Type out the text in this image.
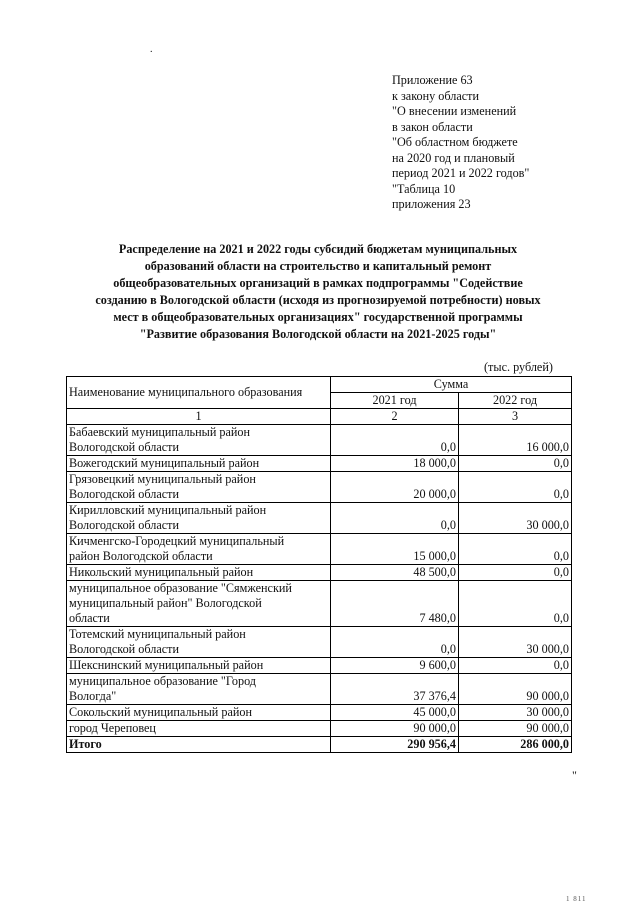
.
Приложение 63
к закону области
"О внесении изменений
в закон области
"Об областном бюджете
на 2020 год и плановый
период 2021 и 2022 годов"
"Таблица 10
приложения 23
Распределение на 2021 и 2022 годы субсидий бюджетам муниципальных
образований области на строительство и капитальный ремонт
общеобразовательных организаций в рамках подпрограммы "Содействие
созданию в Вологодской области (исходя из прогнозируемой потребности) новых
мест в общеобразовательных организациях" государственной программы
"Развитие образования Вологодской области на 2021-2025 годы"
(тыс. рублей)
Наименование муниципального образования	Сумма	
	2021 год	2022 год
1	2	3

Бабаевский муниципальный район
Вологодской области	0,0	16 000,0

Вожегодский муниципальный район	18 000,0	0,0

Грязовецкий муниципальный район
Вологодской области	20 000,0	0,0

Кирилловский муниципальный район
Вологодской области	0,0	30 000,0

Кичменгско-Городецкий муниципальный
район Вологодской области	15 000,0	0,0

Никольский муниципальный район	48 500,0	0,0

муниципальное образование "Сямженский
муниципальный район" Вологодской
области	7 480,0	0,0

Тотемский муниципальный район
Вологодской области	0,0	30 000,0

Шекснинский муниципальный район	9 600,0	0,0

муниципальное образование "Город
Вологда"	37 376,4	90 000,0

Сокольский муниципальный район	45 000,0	30 000,0

город Череповец	90 000,0	90 000,0
Итого	290 956,4	286 000,0
"
1 811
